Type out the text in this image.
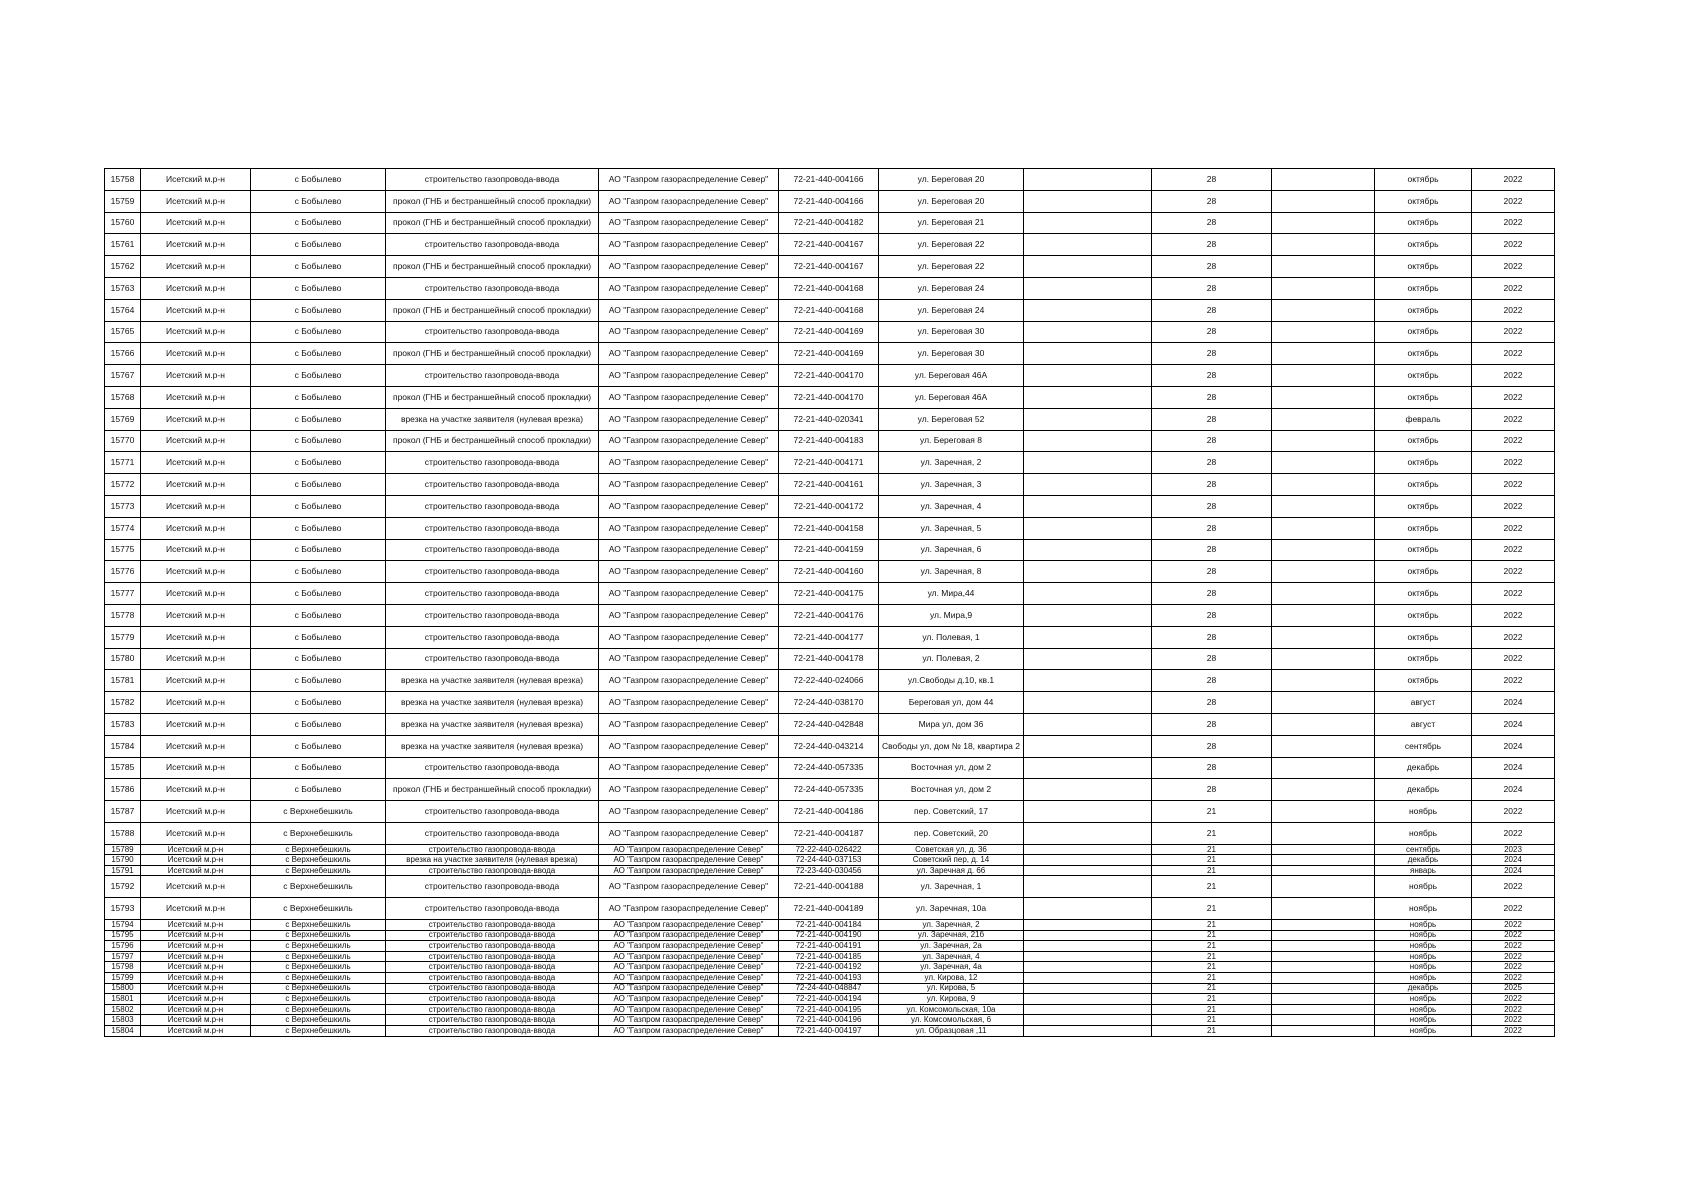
15758	Исетский м.р-н	с Бобылево	строительство газопровода-ввода	АО "Газпром газораспределение Север"	72-21-440-004166	ул. Береговая 20		28		октябрь	2022
15759	Исетский м.р-н	с Бобылево	прокол (ГНБ и бестраншейный способ прокладки)	АО "Газпром газораспределение Север"	72-21-440-004166	ул. Береговая 20		28		октябрь	2022
15760	Исетский м.р-н	с Бобылево	прокол (ГНБ и бестраншейный способ прокладки)	АО "Газпром газораспределение Север"	72-21-440-004182	ул. Береговая 21		28		октябрь	2022
15761	Исетский м.р-н	с Бобылево	строительство газопровода-ввода	АО "Газпром газораспределение Север"	72-21-440-004167	ул. Береговая 22		28		октябрь	2022
15762	Исетский м.р-н	с Бобылево	прокол (ГНБ и бестраншейный способ прокладки)	АО "Газпром газораспределение Север"	72-21-440-004167	ул. Береговая 22		28		октябрь	2022
15763	Исетский м.р-н	с Бобылево	строительство газопровода-ввода	АО "Газпром газораспределение Север"	72-21-440-004168	ул. Береговая 24		28		октябрь	2022
15764	Исетский м.р-н	с Бобылево	прокол (ГНБ и бестраншейный способ прокладки)	АО "Газпром газораспределение Север"	72-21-440-004168	ул. Береговая 24		28		октябрь	2022
15765	Исетский м.р-н	с Бобылево	строительство газопровода-ввода	АО "Газпром газораспределение Север"	72-21-440-004169	ул. Береговая 30		28		октябрь	2022
15766	Исетский м.р-н	с Бобылево	прокол (ГНБ и бестраншейный способ прокладки)	АО "Газпром газораспределение Север"	72-21-440-004169	ул. Береговая 30		28		октябрь	2022
15767	Исетский м.р-н	с Бобылево	строительство газопровода-ввода	АО "Газпром газораспределение Север"	72-21-440-004170	ул. Береговая 46А		28		октябрь	2022
15768	Исетский м.р-н	с Бобылево	прокол (ГНБ и бестраншейный способ прокладки)	АО "Газпром газораспределение Север"	72-21-440-004170	ул. Береговая 46А		28		октябрь	2022
15769	Исетский м.р-н	с Бобылево	врезка на участке заявителя (нулевая врезка)	АО "Газпром газораспределение Север"	72-21-440-020341	ул. Береговая 52		28		февраль	2022
15770	Исетский м.р-н	с Бобылево	прокол (ГНБ и бестраншейный способ прокладки)	АО "Газпром газораспределение Север"	72-21-440-004183	ул. Береговая 8		28		октябрь	2022
15771	Исетский м.р-н	с Бобылево	строительство газопровода-ввода	АО "Газпром газораспределение Север"	72-21-440-004171	ул. Заречная, 2		28		октябрь	2022
15772	Исетский м.р-н	с Бобылево	строительство газопровода-ввода	АО "Газпром газораспределение Север"	72-21-440-004161	ул. Заречная, 3		28		октябрь	2022
15773	Исетский м.р-н	с Бобылево	строительство газопровода-ввода	АО "Газпром газораспределение Север"	72-21-440-004172	ул. Заречная, 4		28		октябрь	2022
15774	Исетский м.р-н	с Бобылево	строительство газопровода-ввода	АО "Газпром газораспределение Север"	72-21-440-004158	ул. Заречная, 5		28		октябрь	2022
15775	Исетский м.р-н	с Бобылево	строительство газопровода-ввода	АО "Газпром газораспределение Север"	72-21-440-004159	ул. Заречная, 6		28		октябрь	2022
15776	Исетский м.р-н	с Бобылево	строительство газопровода-ввода	АО "Газпром газораспределение Север"	72-21-440-004160	ул. Заречная, 8		28		октябрь	2022
15777	Исетский м.р-н	с Бобылево	строительство газопровода-ввода	АО "Газпром газораспределение Север"	72-21-440-004175	ул. Мира,44		28		октябрь	2022
15778	Исетский м.р-н	с Бобылево	строительство газопровода-ввода	АО "Газпром газораспределение Север"	72-21-440-004176	ул. Мира,9		28		октябрь	2022
15779	Исетский м.р-н	с Бобылево	строительство газопровода-ввода	АО "Газпром газораспределение Север"	72-21-440-004177	ул. Полевая, 1		28		октябрь	2022
15780	Исетский м.р-н	с Бобылево	строительство газопровода-ввода	АО "Газпром газораспределение Север"	72-21-440-004178	ул. Полевая, 2		28		октябрь	2022
15781	Исетский м.р-н	с Бобылево	врезка на участке заявителя (нулевая врезка)	АО "Газпром газораспределение Север"	72-22-440-024066	ул.Свободы д.10, кв.1		28		октябрь	2022
15782	Исетский м.р-н	с Бобылево	врезка на участке заявителя (нулевая врезка)	АО "Газпром газораспределение Север"	72-24-440-038170	Береговая ул, дом 44		28		август	2024
15783	Исетский м.р-н	с Бобылево	врезка на участке заявителя (нулевая врезка)	АО "Газпром газораспределение Север"	72-24-440-042848	Мира ул, дом 36		28		август	2024
15784	Исетский м.р-н	с Бобылево	врезка на участке заявителя (нулевая врезка)	АО "Газпром газораспределение Север"	72-24-440-043214	Свободы ул, дом № 18, квартира 2		28		сентябрь	2024
15785	Исетский м.р-н	с Бобылево	строительство газопровода-ввода	АО "Газпром газораспределение Север"	72-24-440-057335	Восточная ул, дом 2		28		декабрь	2024
15786	Исетский м.р-н	с Бобылево	прокол (ГНБ и бестраншейный способ прокладки)	АО "Газпром газораспределение Север"	72-24-440-057335	Восточная ул, дом 2		28		декабрь	2024
15787	Исетский м.р-н	с Верхнебешкиль	строительство газопровода-ввода	АО "Газпром газораспределение Север"	72-21-440-004186	пер. Советский, 17		21		ноябрь	2022
15788	Исетский м.р-н	с Верхнебешкиль	строительство газопровода-ввода	АО "Газпром газораспределение Север"	72-21-440-004187	пер. Советский, 20		21		ноябрь	2022
15789	Исетский м.р-н	с Верхнебешкиль	строительство газопровода-ввода	АО "Газпром газораспределение Север"	72-22-440-026422	Советская ул, д. 36		21		сентябрь	2023
15790	Исетский м.р-н	с Верхнебешкиль	врезка на участке заявителя (нулевая врезка)	АО "Газпром газораспределение Север"	72-24-440-037153	Советский пер, д. 14		21		декабрь	2024
15791	Исетский м.р-н	с Верхнебешкиль	строительство газопровода-ввода	АО "Газпром газораспределение Север"	72-23-440-030456	ул. Заречная д. 66		21		январь	2024
15792	Исетский м.р-н	с Верхнебешкиль	строительство газопровода-ввода	АО "Газпром газораспределение Север"	72-21-440-004188	ул. Заречная, 1		21		ноябрь	2022
15793	Исетский м.р-н	с Верхнебешкиль	строительство газопровода-ввода	АО "Газпром газораспределение Север"	72-21-440-004189	ул. Заречная, 10а		21		ноябрь	2022
15794	Исетский м.р-н	с Верхнебешкиль	строительство газопровода-ввода	АО "Газпром газораспределение Север"	72-21-440-004184	ул. Заречная, 2		21		ноябрь	2022
15795	Исетский м.р-н	с Верхнебешкиль	строительство газопровода-ввода	АО "Газпром газораспределение Север"	72-21-440-004190	ул. Заречная, 21б		21		ноябрь	2022
15796	Исетский м.р-н	с Верхнебешкиль	строительство газопровода-ввода	АО "Газпром газораспределение Север"	72-21-440-004191	ул. Заречная, 2а		21		ноябрь	2022
15797	Исетский м.р-н	с Верхнебешкиль	строительство газопровода-ввода	АО "Газпром газораспределение Север"	72-21-440-004185	ул. Заречная, 4		21		ноябрь	2022
15798	Исетский м.р-н	с Верхнебешкиль	строительство газопровода-ввода	АО "Газпром газораспределение Север"	72-21-440-004192	ул. Заречная, 4а		21		ноябрь	2022
15799	Исетский м.р-н	с Верхнебешкиль	строительство газопровода-ввода	АО "Газпром газораспределение Север"	72-21-440-004193	ул. Кирова, 12		21		ноябрь	2022
15800	Исетский м.р-н	с Верхнебешкиль	строительство газопровода-ввода	АО "Газпром газораспределение Север"	72-24-440-048847	ул. Кирова, 5		21		декабрь	2025
15801	Исетский м.р-н	с Верхнебешкиль	строительство газопровода-ввода	АО "Газпром газораспределение Север"	72-21-440-004194	ул. Кирова, 9		21		ноябрь	2022
15802	Исетский м.р-н	с Верхнебешкиль	строительство газопровода-ввода	АО "Газпром газораспределение Север"	72-21-440-004195	ул. Комсомольская, 10а		21		ноябрь	2022
15803	Исетский м.р-н	с Верхнебешкиль	строительство газопровода-ввода	АО "Газпром газораспределение Север"	72-21-440-004196	ул. Комсомольская, 6		21		ноябрь	2022
15804	Исетский м.р-н	с Верхнебешкиль	строительство газопровода-ввода	АО "Газпром газораспределение Север"	72-21-440-004197	ул. Образцовая ,11		21		ноябрь	2022
